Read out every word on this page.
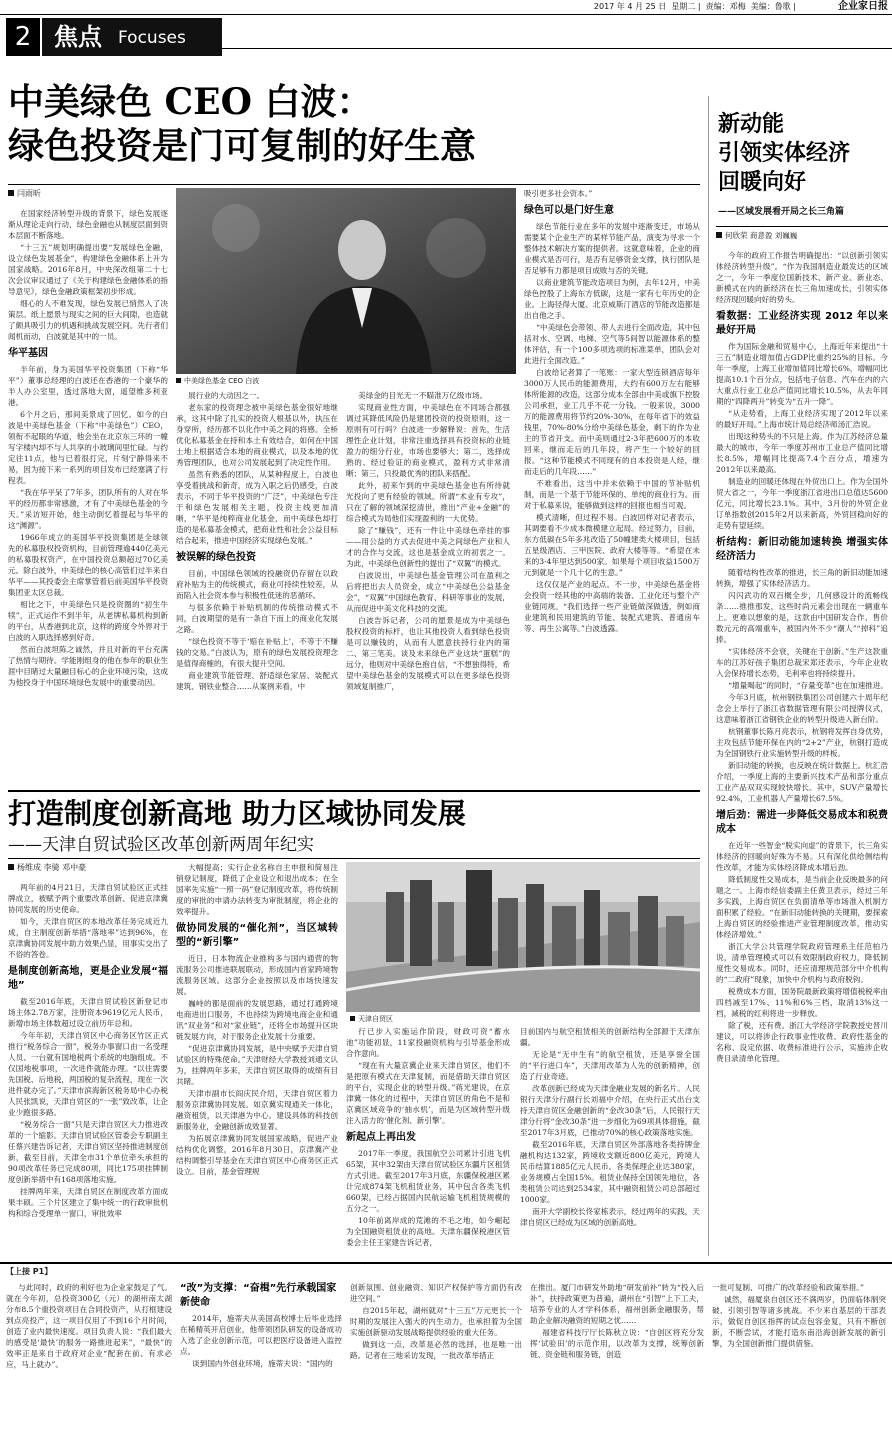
2017 年 4 月 25 日 星期二 |  责编：邓梅 美编：鲁歌 |	企业家日报
2 焦点 Focuses
中美绿色 CEO 白波：
绿色投资是门可复制的好生意
闫雨昕

在国家经济转型升级的背景下，绿色发展逐渐从理论走向行动，绿色金融也从制度层面到资本层面不断落地。

“十三五”规划明确提出要“发展绿色金融，设立绿色发展基金”，构建绿色金融体系上升为国家战略。2016年8月，中央深改组第二十七次会议审议通过了《关于构建绿色金融体系的指导意见》，绿色金融政策框架初步形成。

细心的人不难发现，绿色发展已悄然入了决策层。纸上愿景与现实之间的巨大间隙，也造就了颇具吸引力的机遇和挑战发展空间。先行者们闻机而动，白波就是其中的一员。

华平基因

半年前，身为美国华平投资集团（下称“华平”）董事总经理的白波还在香港的一个豪华的半人办公室里，透过落地大窗，遥望维多利亚港。

6个月之后，那间美景成了回忆。如今的白波是中美绿色基金（下称“中美绿色”）CEO，领衔不起眼的华道，他会坐在北京东三环的一幢写字楼内却不与人共享的小玻璃间里忙碌。与约定往11点，他与已着很打完，片刻宁静得来不易，因为接下来一系列的项目发布已经塞满了行程表。

“我在华平呆了7年多，团队所有的人对在华平的经历都非常感激，才有了中美绿色基金的今天。”采访短开始，他主动倒忆着提起与华平的这“渊源”。

1966年成立的美国华平投资集团是全球领先的私募股权投资机构，目前管理逾440亿美元的私募股权资产，在中国投资总额超过70亿美元。除白波外，中美绿色的核心高管们过半来自华平——其投委会主席掌管着后前美国华平投资集团亚太区总裁。

相比之下，中美绿色只是投资圈的“初生牛犊”，正式运作不到半年，从老牌私募机构到新的平台，从香港到北京，这样的跨度令外界对于白波的入职选择感到好奇。

然而白波坦陈之诚然，并且对新的平台充满了热情与期待。学能刚组身的他在参年的职业生涯中目睹过大量融目标心的企业环境污染，这成为他投身于中国环境绿色发展中的重要动因。

中美绿色基金 CEO 白波

展行业的大动因之一。

老东家的投资理念被中美绿色基金很好地继承，这其中除了扎实的投资人根基以外，执压在身穿所，经历都不以化作中美之间的将感。全桥优化私募基金在持和本土有效结合，如何在中国土地上根据适合本地的商业模式，以及本地的优秀管理团队，也对公司发展起到了决定性作用。

虽然有熟悉的团队，从某种程度上，白波也享受着挑战和新奇，成为入职之后仍感受，白波表示，不同于华平投资的“广泛”，中美绿色专注于和绿色发展相关主题，投资主线更加清晰，“华平是纯粹商业化基金，而中美绿色却打造的是私募基金模式，把商业性和社会公益目标结合起来，推进中国经济实现绿色发展。”

被误解的绿色投资

目前，中国绿色领域的投融资仍存留在以政府补贴为主的传统模式，商业可持续性较差，从而陷入社会资本参与积极性低迷的恶循环。

与很多依赖于补贴机制的传统推动模式不同，白波期望的是有一条自下而上的商业化发展之路。

“绿色投资不等于‘赔在补贴上’，不等于不赚钱的交易。”白波认为，原有的绿色发展投资理念是值得商榷的，有很大提升空间。

商业建筑节能管理、舒适绿色家居、装配式建筑、钢铁业整合……从案例来看，中

美绿金的目光无一不瞄准万亿级市场。

实现商业性方面，中美绿色在不同场合都强调过其降低风险仍是建团投资的投资原则，这一原则有可行吗？白波进一步解释说：首先，生活理性企业计划，非常注重选择具有投资标的业链盈力的细分行业，市场也要够大；第二，选择成熟的、经过验证的商业模式，盈利方式非常清晰；第三，只投最优秀的团队来搭配。

此外，初来乍到的中美绿色基金也有所待就光投向了更有经验的领域。所谓“术业有专攻”，只在了解的领域深挖清世，推出“产业+金融”的综合模式为局他们实现盈利的一大优势。

除了“赚钱”，还有一件让中美绿色牵挂的事——用公益的方式去促进中美之间绿色产业和人才的合作与交流，这也是基金成立的初衷之一。为此，中美绿色创新性的提出了“双翼”的模式。

白波说出，中美绿色基金管理公司在盈利之后将把出去人员资金，成立“中美绿色公益基金会”，“双翼”中国绿色教育、科研等事业的发展，从而促进中美文化科技的交流。

白波告诉记者，公司的愿景是成为中美绿色股权投资的标杆，也让其他投资人看到绿色投资是可以赚钱的，从而有人愿意扶持行业内的第二、第三笔美。谈及未来绿色产业这块“蛋糕”的远分，他则对中美绿色抱自信，“不想独得特，希望中美绿色基金的发展模式可以在更多绿色投资领域复制推广，

吸引更多社会资本。”

绿色可以是门好生意

绿色节能行业在多年的发展中逐渐变迁，市场从需要某个企业生产的某样节能产品，演变为寻求一个整体技术解决方案的提供者。这就意味着，企业的商业模式是否可行，是否有足够资金支撑，执行团队是否足够有力都是项目成败与否的关键。

以商业建筑节能改造项目为例，去年12月，中美绿色控股了上海东方低碳，这是一家有七年历史的企业。上海径得大厦、北京威斯汀酒店的节能改造都是出自他之手。

“中美绿色会带领、带人去进行全面改造，其中包括对水、空调、电梯、空气等5间智以能源体系的整体评估，有一个100多项选项的标准菜单，团队会对此进行全面改造。”

白波给记者算了一笔账：一家大型连锁酒店每年3000万人民币的能源费用，大约有600万左右能够体所能源的改造，这部分成本全部由中美或旗下控股公司承担，业工几乎不花一分钱。一般来说，3000万的能源费用将节约20%-30%，在每年省下的效益钱里，70%-80%分给中美绿色基金，剩下的作为业主的节省开支。而中美则通过2-3年把600万的本收回来，继而走后的几年段，将产生一个较好的回报。“这种节能模式不同现有的自本投资是人经，继而走后的几年段……”

不难看出，这当中并未依赖于中国的节补贴机制，而是一个基于节能环保的、单纯的商业行为。而对于私募来说，能够做到这样的回报也相当可观。

模式清晰，但过程不易。白波回样对记者表示，其调要看不少成本微模建立起局。经过努力，目前，东方低碳在5年多兆改造了50幢建类大楼项目，包括五星级酒店、三甲医院、政府大楼等等。“希望在未来的3-4年里达到500家。如果每个项目收益1500万元到就是一个几十亿的生意。”

这仅仅是产业的起点。不一步，中美绿色基金将会投资一经其他的中高端的装备、工业化还与整个产业链同规。“我们选择一些产业链做深做透，例如商业建筑和民用建筑的节能、装配式建筑、普通房车等、再生公寓等。”白波透露。

新动能
引领实体经济
回暖向好
——区域发展看开局之长三角篇
何欣荣 商意盈 刘巍巍

今年的政府工作报告明确提出：“以创新引领实体经济转型升级”。“作为我国制造业最发达的区域之一，今年一季度位国新技术、新产业、新业态、新模式在内的新经济在长三角加速成长，引领实体经济现回暖向好的势头。

看数据：工业经济实现 2012 年以来最好开局

作为国际金融和贸易中心，上海近年来提出“十三五”制造业增加值占GDP比重约25%的目标。今年一季度，上海工业增加值同比增长6%，增幅同比提高10.1个百分点，包括电子信息、汽车在内的六大重点行业工业总产值同比增长10.5%，从去年同期的“四降两升”转变为“五升一降”。

“从走势看，上海工业经济实现了2012年以来的最好开局。”上海市统计局总经济师汤汇浩说。

出现这种势头的不只是上海。作为江苏经济总量最大的城市，今年一季度苏州市工业总产值同比增长8.5%，增幅同比提高7.4个百分点，增速为2012年以来最高。

制造业的回暖还体现在外贸出口上。作为全国外贸大省之一，今年一季度浙江省进出口总值达5600亿元，同比增长23.1%。其中，3月份的外贸企业订单指数创2015年2月以来新高，外贸回稳向好的走势有望延续。

析结构：新旧动能加速转换 增强实体经济活力

随着结构性改革的推进，长三角的新旧动能加速转换，增强了实体经济活力。

闪闪武功的双百概全步，几何感设计的流畅线条……推推那发，这些时尚元素会出现在一辆重车上。更难以想象的是，这款由中国研发合作、售价数元元的高端重车，被国内外不少“潮人”“掉科”追捧。

“实体经济不会衰，关键在于创新。”生产这款重车的江苏好孩子集团总裁宋郑还表示，今年企业收入会保持增长态势，毛利率也将持续提升。

“增量喝起”的同时，“存量变革”也在加速推进。

今年3月底，杭州钢铁集团公司创建六十周年纪念会上举行了浙江省数据管理有限公司授牌仪式，这意味着浙江省钢铁企业的转型升级进入新台阶。

杭钢董事长陈月亮表示，杭钢将发挥自身优势，主攻包括节能环保在内的“2+2”产业，杭钢打造成为全国钢铁行业实施转型升级的样板。

新旧动能的转换，也反映在统计数据上。杭汇浩介绍，一季度上海的主要新兴技术产品和部分重点工业产品双双实现较快增长。其中，SUV产量增长92.4%，工业机器人产量增长67.5%。

增后劲：需进一步降低交易成本和税费成本

在近年一些智金“脱实向虚”的背景下，长三角实体经济的回暖向好殊为不易。只有深化供给侧结构性改革，才能为实体经济降成本增后劲。

降低制度性交易成本，是当前企业反映最多的问题之一。上海市经信委副主任黄卫表示，经过三年多实践，上海自贸区在负面清单等市场准入机制方面积累了经验。“在新旧动能转换的关键期，要探索上海自贸区的经验推进产业管理制度改革，推动实体经济增效。”

浙江大学公共管理学院政府管理系主任范柏乃说，清单管理模式可以有效限制政府权力，降低制度性交易成本。同时，还应清理规范部分中介机构的“二政府”现象，加快中介机构与政府脱钩。

税费成本方面，国务院最新政策将增值税税率由四档减至17%、11%和6%三档，取消13%这一档，减税的红利将进一步释放。

除了税，还有费。浙江大学经济学院教授史晋川建议，可以将涉企行政事业性收费、政府性基金的名称、设定依据、收费标准进行公示，实施涉企收费目录清单化管理。

打造制度创新高地 助力区域协同发展
——天津自贸试验区改革创新两周年纪实
杨维成 李骑 邓中豪

两年前的4月21日，天津自贸试验区正式挂牌成立，被赋予两个重要改革创新、促进京津冀协同发展的历史使命。

如今，天津自贸区的本地改革任务完成近九成，自主制度创新举措“落地率”达到96%，在京津冀协同发展中助力效果凸显，用事实交出了不俗的答卷。

是制度创新高地，更是企业发展“福地”

截至2016年底，天津自贸试验区新登记市场主体2.78万家，注册资本9619亿元人民币，新增市场主体数超过设立前历年总和。

今年年初，天津自贸区中心商务区竹区正式推行“税务综合一窗”，税务办事窗口由一名受理人员、一台就有国地税两个系统的电脑组成。不仅国地税事项，一次进件就能办理。“以往需要先国税、后地税，两国税的复杂流程，现在一次进件就办完了。”天津市滨海新区税务局中心办税人民张凯说，天津自贸区的“一张”致改革，让企业少跑很多路。

“税务综合一窗”只是天津自贸区大力推进改革的一个缩影。天津自贸试验区管委会专职副主任蔡兴建告诉记者，天津自贸区坚持推进制度创新，截至目前，天津全市31个单位牵头承担的90项改革任务已完成80项，同比175项挂牌制度创新举措中有168项落地实施。

挂牌两年来，天津自贸区在制度改革方面成果丰硕。三个片区建立了集中统一的行政审批机构和综合受理单一窗口，审批效率

大幅提高；实行企业名称自主申报和简易注销登记制度，降低了企业设立和退出成本；在全国率先实施“一照一码”登记制度改革，将传统制度的审批的申请办法转变为审批制度，将企业的效率提升。

做协同发展的“催化剂”，当区域转型的“新引擎”

近日，日本物流企业推构多与国内通营的物流服务公司推进联展联动，形成国内首家跨境物流服务区域。这部分企业按照以及市场快速发展。

巍峙的都是面前的发展思路，通过打通跨境电商进出口服务，不也持续为跨境电商企业和通讯“双业务”和对“家业链”，还将全市场提升区块链发展方向，对于服务企业发展十分重要。

“促进京津冀协同发展，是中央赋予天津自贸试验区的特殊使命。”天津财经大学教授刘通文认为，挂牌两年多来，天津自贸区取得的成绩有目共睹。

天津市副市长阎庆民介绍，天津自贸区着力服务京津冀协同发展。如京冀实现通关一体化，融资租赁，以天津港为中心。建设具体的科技创新服务业，金融创新成效显著。

为拓展京津冀协同发展国家战略，促进产业结构优化调整，2016年8月30日，京津冀产业结构调整引导基金在天津自贸区中心商务区正式设立。目前，基金管理规

天津自贸区

行已步入实施运作阶段，财政可资“蓄水池”功能初显，11家投融资机构与引导基金形成合作意向。

“现在有大量京冀企业来天津自贸区，他们不是把原有模式在天津复制，而是借助天津自贸区的平台，实现企业的转型升级。”蒋光建说，在京津冀一体化的过程中，天津自贸区的角色不是和京冀区域竞争的‘抽水机’，而是为区域转型升级注入活力的‘催化剂、新引擎’。

新起点上再出发

2017年一季度，我国航空公司累计引进飞机65架，其中32架由天津自贸试验区东疆片区租赁方式引进。截至2017年3月底，东疆保税港区累计完成874架飞机租赁业务，其中包含各类飞机660架，已经占据国内民航运输飞机租赁规模的五分之一。

10年前离岸成的荒滩的不毛之地，如今崛起为全国融资租赁业的高地。天津东疆保税港区管委会主任王家建告诉记者，

目前国内与航空租赁相关的创新结构全部源于天津东疆。

无论是“无中生有”的航空租赁，还是享誉全国的“平行进口车”，天津用改革为人先的创新精神，创造了行业奇迹。

改革创新已经成为天津金融业发展的新名片。人民银行天津分行副行长刘福中介绍，在央行正式出台支持天津自贸区金融创新的“金改30条”后，人民银行天津分行将“金改30条”进一步细化为69项具体措施，截至2017年3月底，已推动70%的核心政策落地实施。

截至2016年底，天津自贸区外部落地各类持牌金融机构达132家，跨境收支额近800亿美元，跨境人民币结算1885亿元人民币。各类保理企业达380家，业务规模占全国15%。租赁业保持全国领先地位，各类租赁公司达到2534家，其中融资租赁公司总部超过1000家。

南开大学副校长佟家栋表示，经过两年的实践，天津自贸区已经成为区域的创新高地。

【上接 P1】

与此同时，政府的利好也为企业家鼓足了气。就在今年初，总投资300亿（元）的湖州南太湖分布8.5个重投资项目在合同投资产，从打框建设到点亮投产，这一项目仅用了不到16个月时间，创造了业内最快速度。项目负责人说：“我们最大的感受是‘最快’的服务一路推进起来”，“最快”的效率正是来自于政府对企业“配套在前、有求必应，马上就办”。

“改”为支撑：“奋楫”先行承载国家新使命

2014年，施蒂夫从美国高校博士后毕业选择在稀精英开启创业，他带领团队研发的设备成功入选了企业创新示范，可以把医疗设备进入监控点。

谈到国内外创业环境，施蒂夫说：“国内的

创新氛围、创业融资、知识产权保护等方面仍有改进空间。”

自2015年起，湖州就对“十三五”万元更长一个时期的发展注入强大的内生动力，也承担着为全国实施创新驱动发展战略提供经验的重大任务。

做到这一点，改革是必然的选择，也是唯一出路。记者在三地采访发现，一批改革举措正

在推出。厦门市研发外助地“研发前补”转为“投入后补”，扶持政策更为普遍，湖州在“引智”上下工夫，培养专业的人才学科体系，福州创新金融服务，帮助企业解决融资的短期之忧……

福建省科技厅厅长陈秋立说：“自创区将充分发挥‘试验田’的示范作用，以改革为支撑，统筹创新链、资金链和服务链，创造

一批可复制、可推广的改革经验和政策举措。”

诚然，福厦泉自创区还不满两岁，仍面临体制突破、引领引智等诸多挑战。不少来自基层的干部表示，做促自创区指挥的试点包容金复，只有不断创新，不断尝试，才能打造东南沿海创新发展的新引擎，为全国创新推门提供借鉴。
